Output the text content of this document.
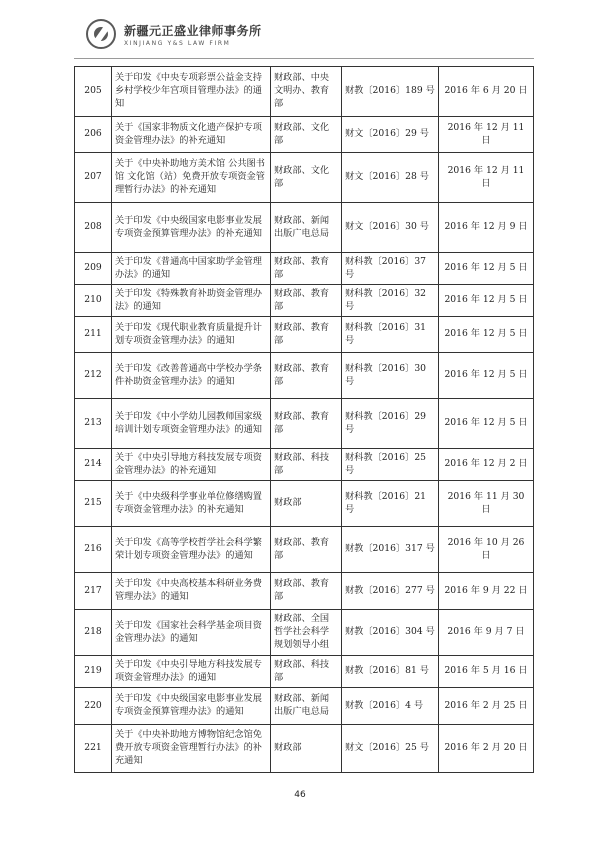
新疆元正盛业律师事务所
XINJIANG Y&S LAW FIRM
205	关于印发《中央专项彩票公益金支持乡村学校少年宫项目管理办法》的通知	财政部、中央文明办、教育部	财教〔2016〕189 号	2016 年 6 月 20 日
206	关于《国家非物质文化遗产保护专项资金管理办法》的补充通知	财政部、文化部	财文〔2016〕29 号	2016 年 12 月 11 日
207	关于《中央补助地方美术馆 公共图书馆 文化馆（站）免费开放专项资金管理暂行办法》的补充通知	财政部、文化部	财文〔2016〕28 号	2016 年 12 月 11 日
208	关于印发《中央级国家电影事业发展专项资金预算管理办法》的补充通知	财政部、新闻出版广电总局	财文〔2016〕30 号	2016 年 12 月 9 日
209	关于印发《普通高中国家助学金管理办法》的通知	财政部、教育部	财科教〔2016〕37 号	2016 年 12 月 5 日
210	关于印发《特殊教育补助资金管理办法》的通知	财政部、教育部	财科教〔2016〕32 号	2016 年 12 月 5 日
211	关于印发《现代职业教育质量提升计划专项资金管理办法》的通知	财政部、教育部	财科教〔2016〕31 号	2016 年 12 月 5 日
212	关于印发《改善普通高中学校办学条件补助资金管理办法》的通知	财政部、教育部	财科教〔2016〕30 号	2016 年 12 月 5 日
213	关于印发《中小学幼儿园教师国家级培训计划专项资金管理办法》的通知	财政部、教育部	财科教〔2016〕29 号	2016 年 12 月 5 日
214	关于《中央引导地方科技发展专项资金管理办法》的补充通知	财政部、科技部	财科教〔2016〕25 号	2016 年 12 月 2 日
215	关于《中央级科学事业单位修缮购置专项资金管理办法》的补充通知	财政部	财科教〔2016〕21 号	2016 年 11 月 30 日
216	关于印发《高等学校哲学社会科学繁荣计划专项资金管理办法》的通知	财政部、教育部	财教〔2016〕317 号	2016 年 10 月 26 日
217	关于印发《中央高校基本科研业务费管理办法》的通知	财政部、教育部	财教〔2016〕277 号	2016 年 9 月 22 日
218	关于印发《国家社会科学基金项目资金管理办法》的通知	财政部、全国哲学社会科学规划领导小组	财教〔2016〕304 号	2016 年 9 月 7 日
219	关于印发《中央引导地方科技发展专项资金管理办法》的通知	财政部、科技部	财教〔2016〕81 号	2016 年 5 月 16 日
220	关于印发《中央级国家电影事业发展专项资金预算管理办法》的通知	财政部、新闻出版广电总局	财教〔2016〕4 号	2016 年 2 月 25 日
221	关于《中央补助地方博物馆纪念馆免费开放专项资金管理暂行办法》的补充通知	财政部	财文〔2016〕25 号	2016 年 2 月 20 日
46
